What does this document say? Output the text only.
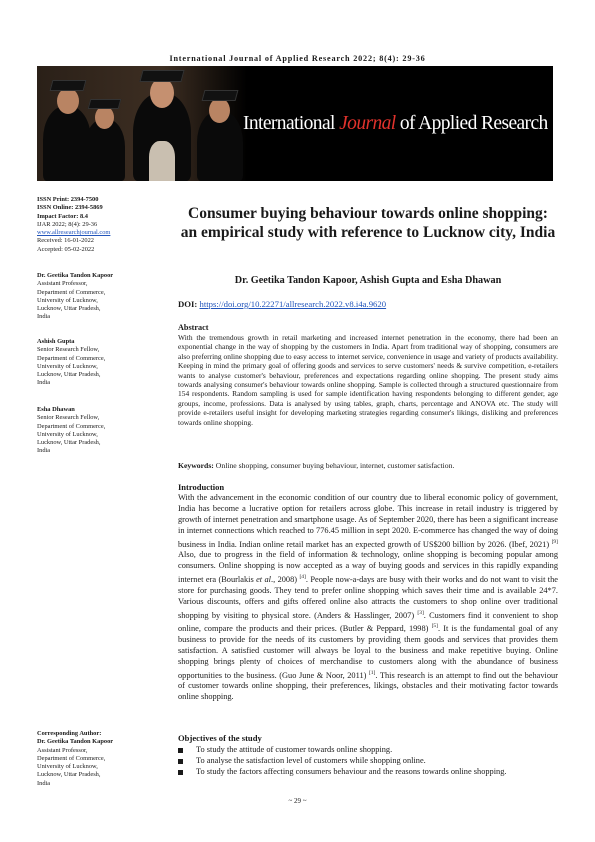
International Journal of Applied Research 2022; 8(4): 29-36
International Journal of Applied Research
ISSN Print: 2394-7500
ISSN Online: 2394-5869
Impact Factor: 8.4
IJAR 2022; 8(4): 29-36
www.allresearchjournal.com
Received: 16-01-2022
Accepted: 05-02-2022
Dr. Geetika Tandon Kapoor
Assistant Professor,
Department of Commerce,
University of Lucknow,
Lucknow, Uttar Pradesh,
India
Ashish Gupta
Senior Research Fellow,
Department of Commerce,
University of Lucknow,
Lucknow, Uttar Pradesh,
India
Esha Dhawan
Senior Research Fellow,
Department of Commerce,
University of Lucknow,
Lucknow, Uttar Pradesh,
India
Corresponding Author:
Dr. Geetika Tandon Kapoor
Assistant Professor,
Department of Commerce,
University of Lucknow,
Lucknow, Uttar Pradesh,
India
Consumer buying behaviour towards online shopping: an empirical study with reference to Lucknow city, India
Dr. Geetika Tandon Kapoor, Ashish Gupta and Esha Dhawan
DOI: https://doi.org/10.22271/allresearch.2022.v8.i4a.9620
Abstract
With the tremendous growth in retail marketing and increased internet penetration in the economy, there had been an exponential change in the way of shopping by the customers in India. Apart from traditional way of shopping, consumers are also preferring online shopping due to easy access to internet service, convenience in usage and variety of products availability. Keeping in mind the primary goal of offering goods and services to serve customers' needs & survive competition, e-retailers wants to analyse customer's behaviour, preferences and expectations regarding online shopping. The present study aims towards analysing consumer's behaviour towards online shopping. Sample is collected through a structured questionnaire from 154 respondents. Random sampling is used for sample identification having respondents belonging to different gender, age groups, income, professions. Data is analysed by using tables, graph, charts, percentage and ANOVA etc. The study will provide e-retailers useful insight for developing marketing strategies regarding consumer's likings, disliking and preferences towards online shopping.
Keywords: Online shopping, consumer buying behaviour, internet, customer satisfaction.
Introduction
With the advancement in the economic condition of our country due to liberal economic policy of government, India has become a lucrative option for retailers across globe. This increase in retail industry is triggered by growth of internet penetration and smartphone usage. As of September 2020, there has been a significant increase in internet connections which reached to 776.45 million in sept 2020. E-commerce has changed the way of doing business in India. Indian online retail market has an expected growth of US$200 billion by 2026. (Ibef, 2021) [9] Also, due to progress in the field of information & technology, online shopping is becoming popular among consumers. Online shopping is now accepted as a way of buying goods and services in this rapidly expanding internet era (Bourlakis et al., 2008) [4]. People now-a-days are busy with their works and do not want to visit the store for purchasing goods. They tend to prefer online shopping which saves their time and is available 24*7. Various discounts, offers and gifts offered online also attracts the customers to shop online over traditional shopping by visiting to physical store. (Anders & Hasslinger, 2007) [3]. Customers find it convenient to shop online, compare the products and their prices. (Butler & Peppard, 1998) [5]. It is the fundamental goal of any business to provide for the needs of its customers by providing them goods and services that provides them satisfaction. A satisfied customer will always be loyal to the business and make repetitive buying. Online shopping brings plenty of choices of merchandise to customers along with the abundance of business opportunities to the business. (Guo June & Noor, 2011) [1]. This research is an attempt to find out the behaviour of customer towards online shopping, their preferences, likings, obstacles and their motivating factor towards online shopping.
Objectives of the study
To study the attitude of customer towards online shopping.
To analyse the satisfaction level of customers while shopping online.
To study the factors affecting consumers behaviour and the reasons towards online shopping.
~ 29 ~
